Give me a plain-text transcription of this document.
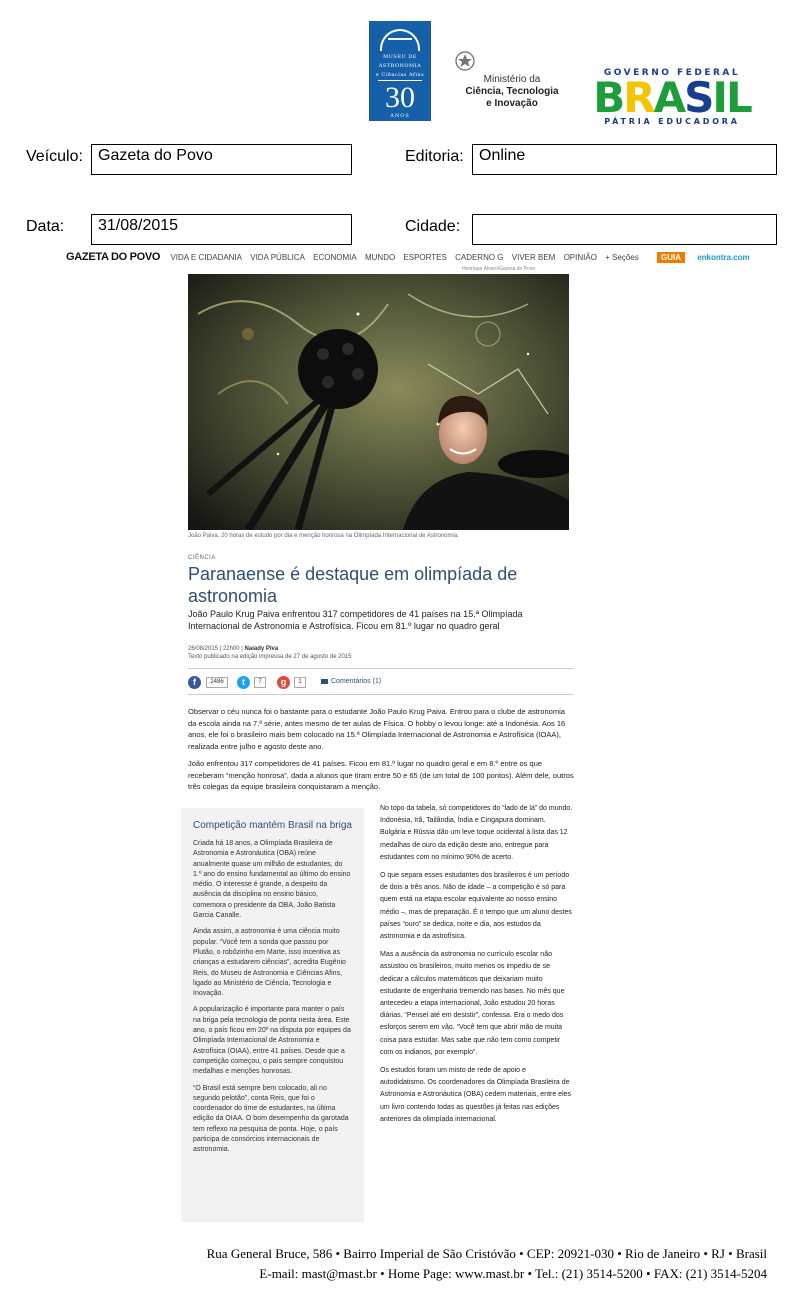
MUSEU DE
ASTRONOMIA
e Ciências Afins
30
ANOS
Ministério da
Ciência, Tecnologia
e Inovação
GOVERNO FEDERAL
BRASIL
PÁTRIA EDUCADORA
Veículo: Gazeta do Povo	Editoria: Online
Data:	31/08/2015	Cidade:
GAZETA DO POVO VIDA E CIDADANIA VIDA PÚBLICA ECONOMIA MUNDO ESPORTES CADERNO G VIVER BEM OPINIÃO + Seções	GUIA enkontra.com
Henrique Álvaro/Gazeta do Povo
João Paiva. 20 horas de estudo por dia e menção honrosa na Olimpíada Internacional de Astronomia.
CIÊNCIA
Paranaense é destaque em olimpíada de astronomia
João Paulo Krug Paiva enfrentou 317 competidores de 41 países na 15.ª Olimpíada Internacional de Astronomia e Astrofísica. Ficou em 81.º lugar no quadro geral
26/08/2015 | 22h00 | Naiady Piva
Texto publicado na edição impressa de 27 de agosto de 2015
f	2486	t	7	g	1	Comentários (1)

Observar o céu nunca foi o bastante para o estudante João Paulo Krug Paiva. Entrou para o clube de astronomia da escola ainda na 7.ª série, antes mesmo de ter aulas de Física. O hobby o levou longe: até a Indonésia. Aos 16 anos, ele foi o brasileiro mais bem colocado na 15.ª Olimpíada Internacional de Astronomia e Astrofísica (IOAA), realizada entre julho e agosto deste ano.

João enfrentou 317 competidores de 41 países. Ficou em 81.º lugar no quadro geral e em 8.º entre os que receberam “menção honrosa”, dada a alunos que tiram entre 50 e 65 (de um total de 100 pontos). Além dele, outros três colegas da equipe brasileira conquistaram a menção.

Competição mantém Brasil na briga

Criada há 18 anos, a Olimpíada Brasileira de Astronomia e Astronáutica (OBA) reúne anualmente quase um milhão de estudantes, do 1.º ano do ensino fundamental ao último do ensino médio. O interesse é grande, a despeito da ausência da disciplina no ensino básico, comemora o presidente da OBA, João Batista Garcia Canalle.

Ainda assim, a astronomia é uma ciência muito popular. “Você tem a sonda que passou por Plutão, o robôzinho em Marte, isso incentiva as crianças a estudarem ciências”, acredita Eugênio Reis, do Museu de Astronomia e Ciências Afins, ligado ao Ministério de Ciência, Tecnologia e Inovação.

A popularização é importante para manter o país na briga pela tecnologia de ponta nesta área. Este ano, o país ficou em 20º na disputa por equipes da Olimpíada Internacional de Astronomia e Astrofísica (OIAA), entre 41 países. Desde que a competição começou, o país sempre conquistou medalhas e menções honrosas.

“O Brasil está sempre bem colocado, ali no segundo pelotão”, conta Reis, que foi o coordenador do time de estudantes, na última edição da OIAA. O bom desempenho da garotada tem reflexo na pesquisa de ponta. Hoje, o país participa de consórcios internacionais de astronomia.

No topo da tabela, só competidores do “lado de lá” do mundo. Indonésia, Irã, Tailândia, Índia e Cingapura dominam. Bulgária e Rússia dão um leve toque ocidental à lista das 12 medalhas de ouro da edição deste ano, entregue para estudantes com no mínimo 90% de acerto.

O que separa esses estudantes dos brasileiros é um período de dois a três anos. Não de idade – a competição é só para quem está na etapa escolar equivalente ao nosso ensino médio –, mas de preparação. É o tempo que um aluno destes países “ouro” se dedica, noite e dia, aos estudos da astronomia e da astrofísica.

Mas a ausência da astronomia no currículo escolar não assustou os brasileiros, muito menos os impediu de se dedicar a cálculos matemáticos que deixariam muito estudante de engenharia tremendo nas bases. No mês que antecedeu a etapa internacional, João estudou 20 horas diárias. “Pensei até em desistir”, confessa. Era o medo dos esforços serem em vão. “Você tem que abrir mão de muita coisa para estudar. Mas sabe que não tem como competir com os indianos, por exemplo”.

Os estudos foram um misto de rede de apoio e autodidatismo. Os coordenadores da Olimpíada Brasileira de Astronomia e Astronáutica (OBA) cedem materiais, entre eles um livro contendo todas as questões já feitas nas edições anteriores da olimpíada internacional.

Rua General Bruce, 586 • Bairro Imperial de São Cristóvão • CEP: 20921-030 • Rio de Janeiro • RJ • Brasil
E-mail: mast@mast.br • Home Page: www.mast.br • Tel.: (21) 3514-5200 • FAX: (21) 3514-5204
